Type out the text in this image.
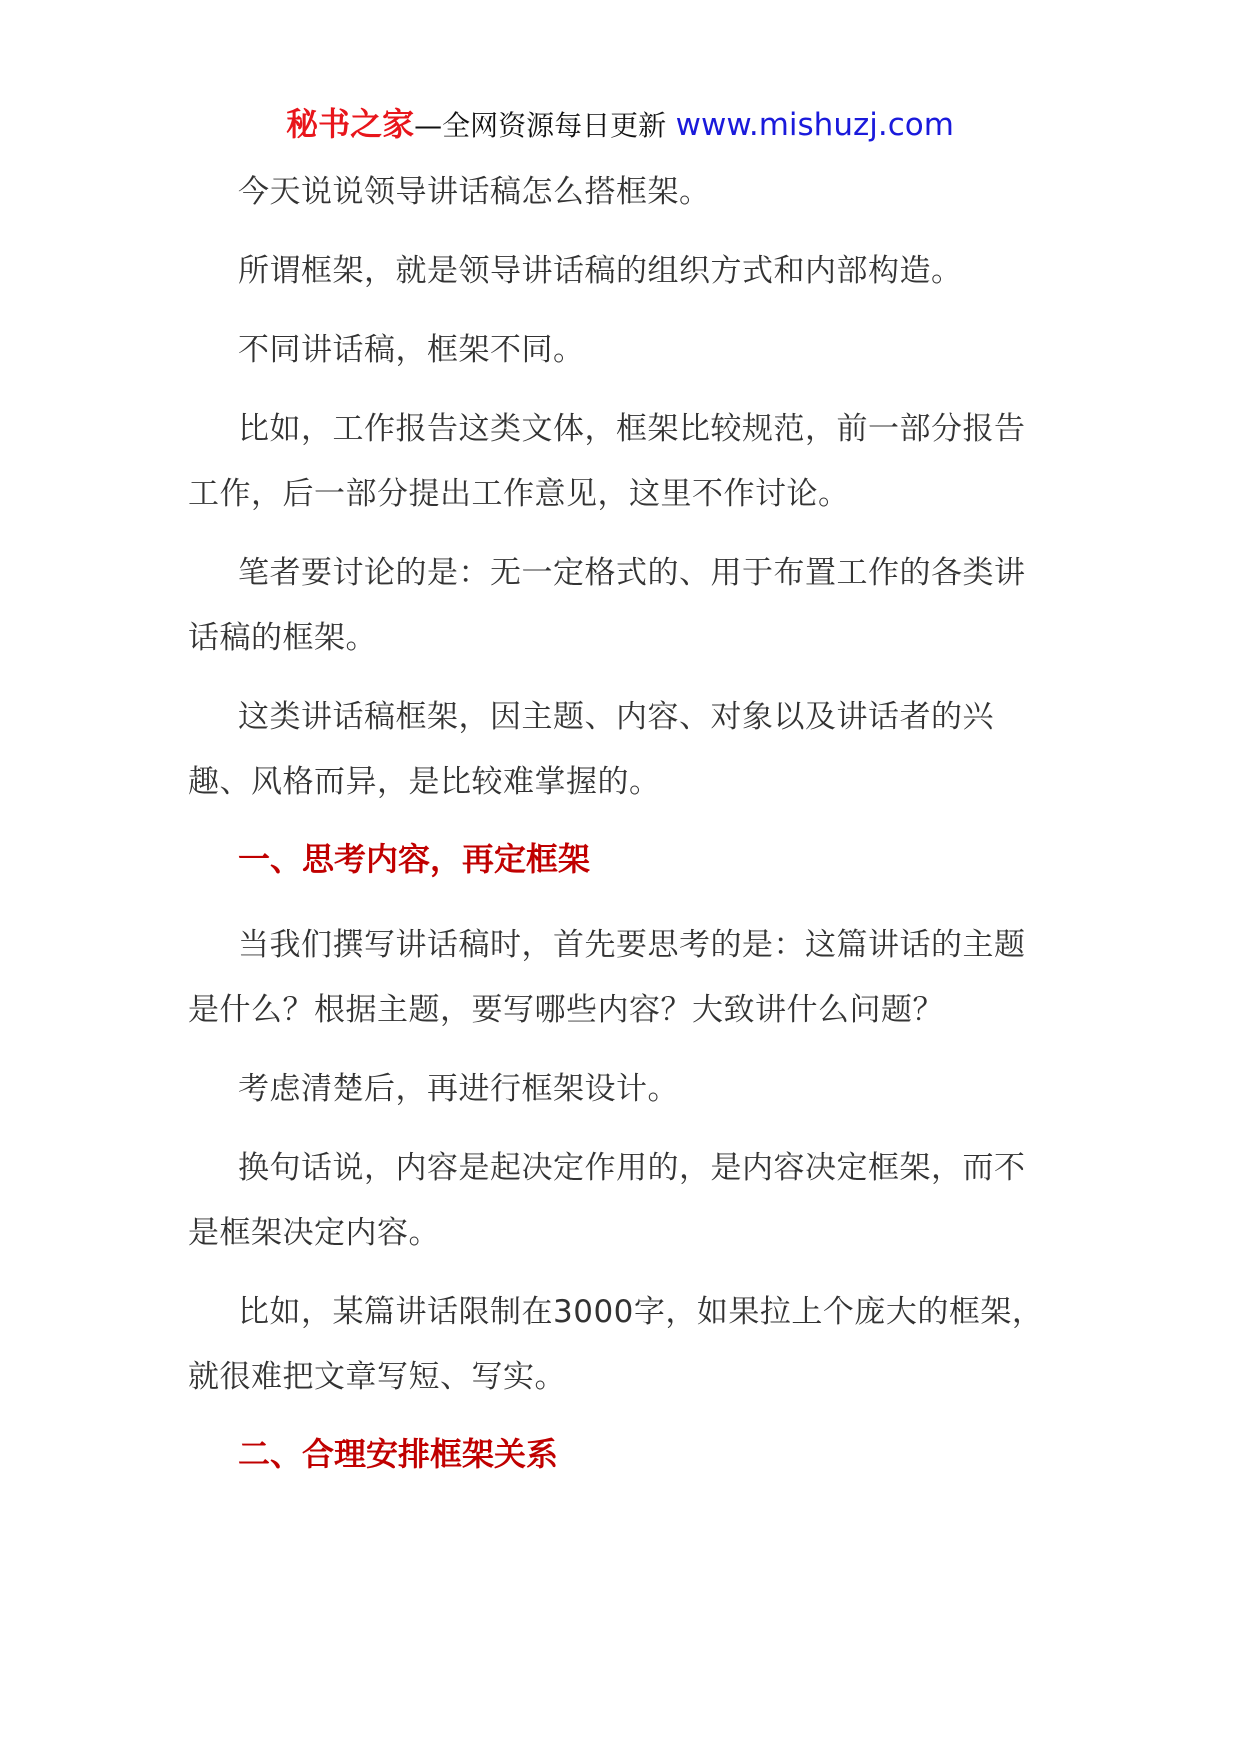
秘书之家—全网资源每日更新 www.mishuzj.com

今天说说领导讲话稿怎么搭框架。

所谓框架，就是领导讲话稿的组织方式和内部构造。

不同讲话稿，框架不同。

比如，工作报告这类文体，框架比较规范，前一部分报告工作，后一部分提出工作意见，这里不作讨论。

笔者要讨论的是：无一定格式的、用于布置工作的各类讲话稿的框架。

这类讲话稿框架，因主题、内容、对象以及讲话者的兴趣、风格而异，是比较难掌握的。

一、思考内容，再定框架

当我们撰写讲话稿时，首先要思考的是：这篇讲话的主题是什么？根据主题，要写哪些内容？大致讲什么问题？

考虑清楚后，再进行框架设计。

换句话说，内容是起决定作用的，是内容决定框架，而不是框架决定内容。

比如，某篇讲话限制在3000字，如果拉上个庞大的框架，就很难把文章写短、写实。

二、合理安排框架关系
